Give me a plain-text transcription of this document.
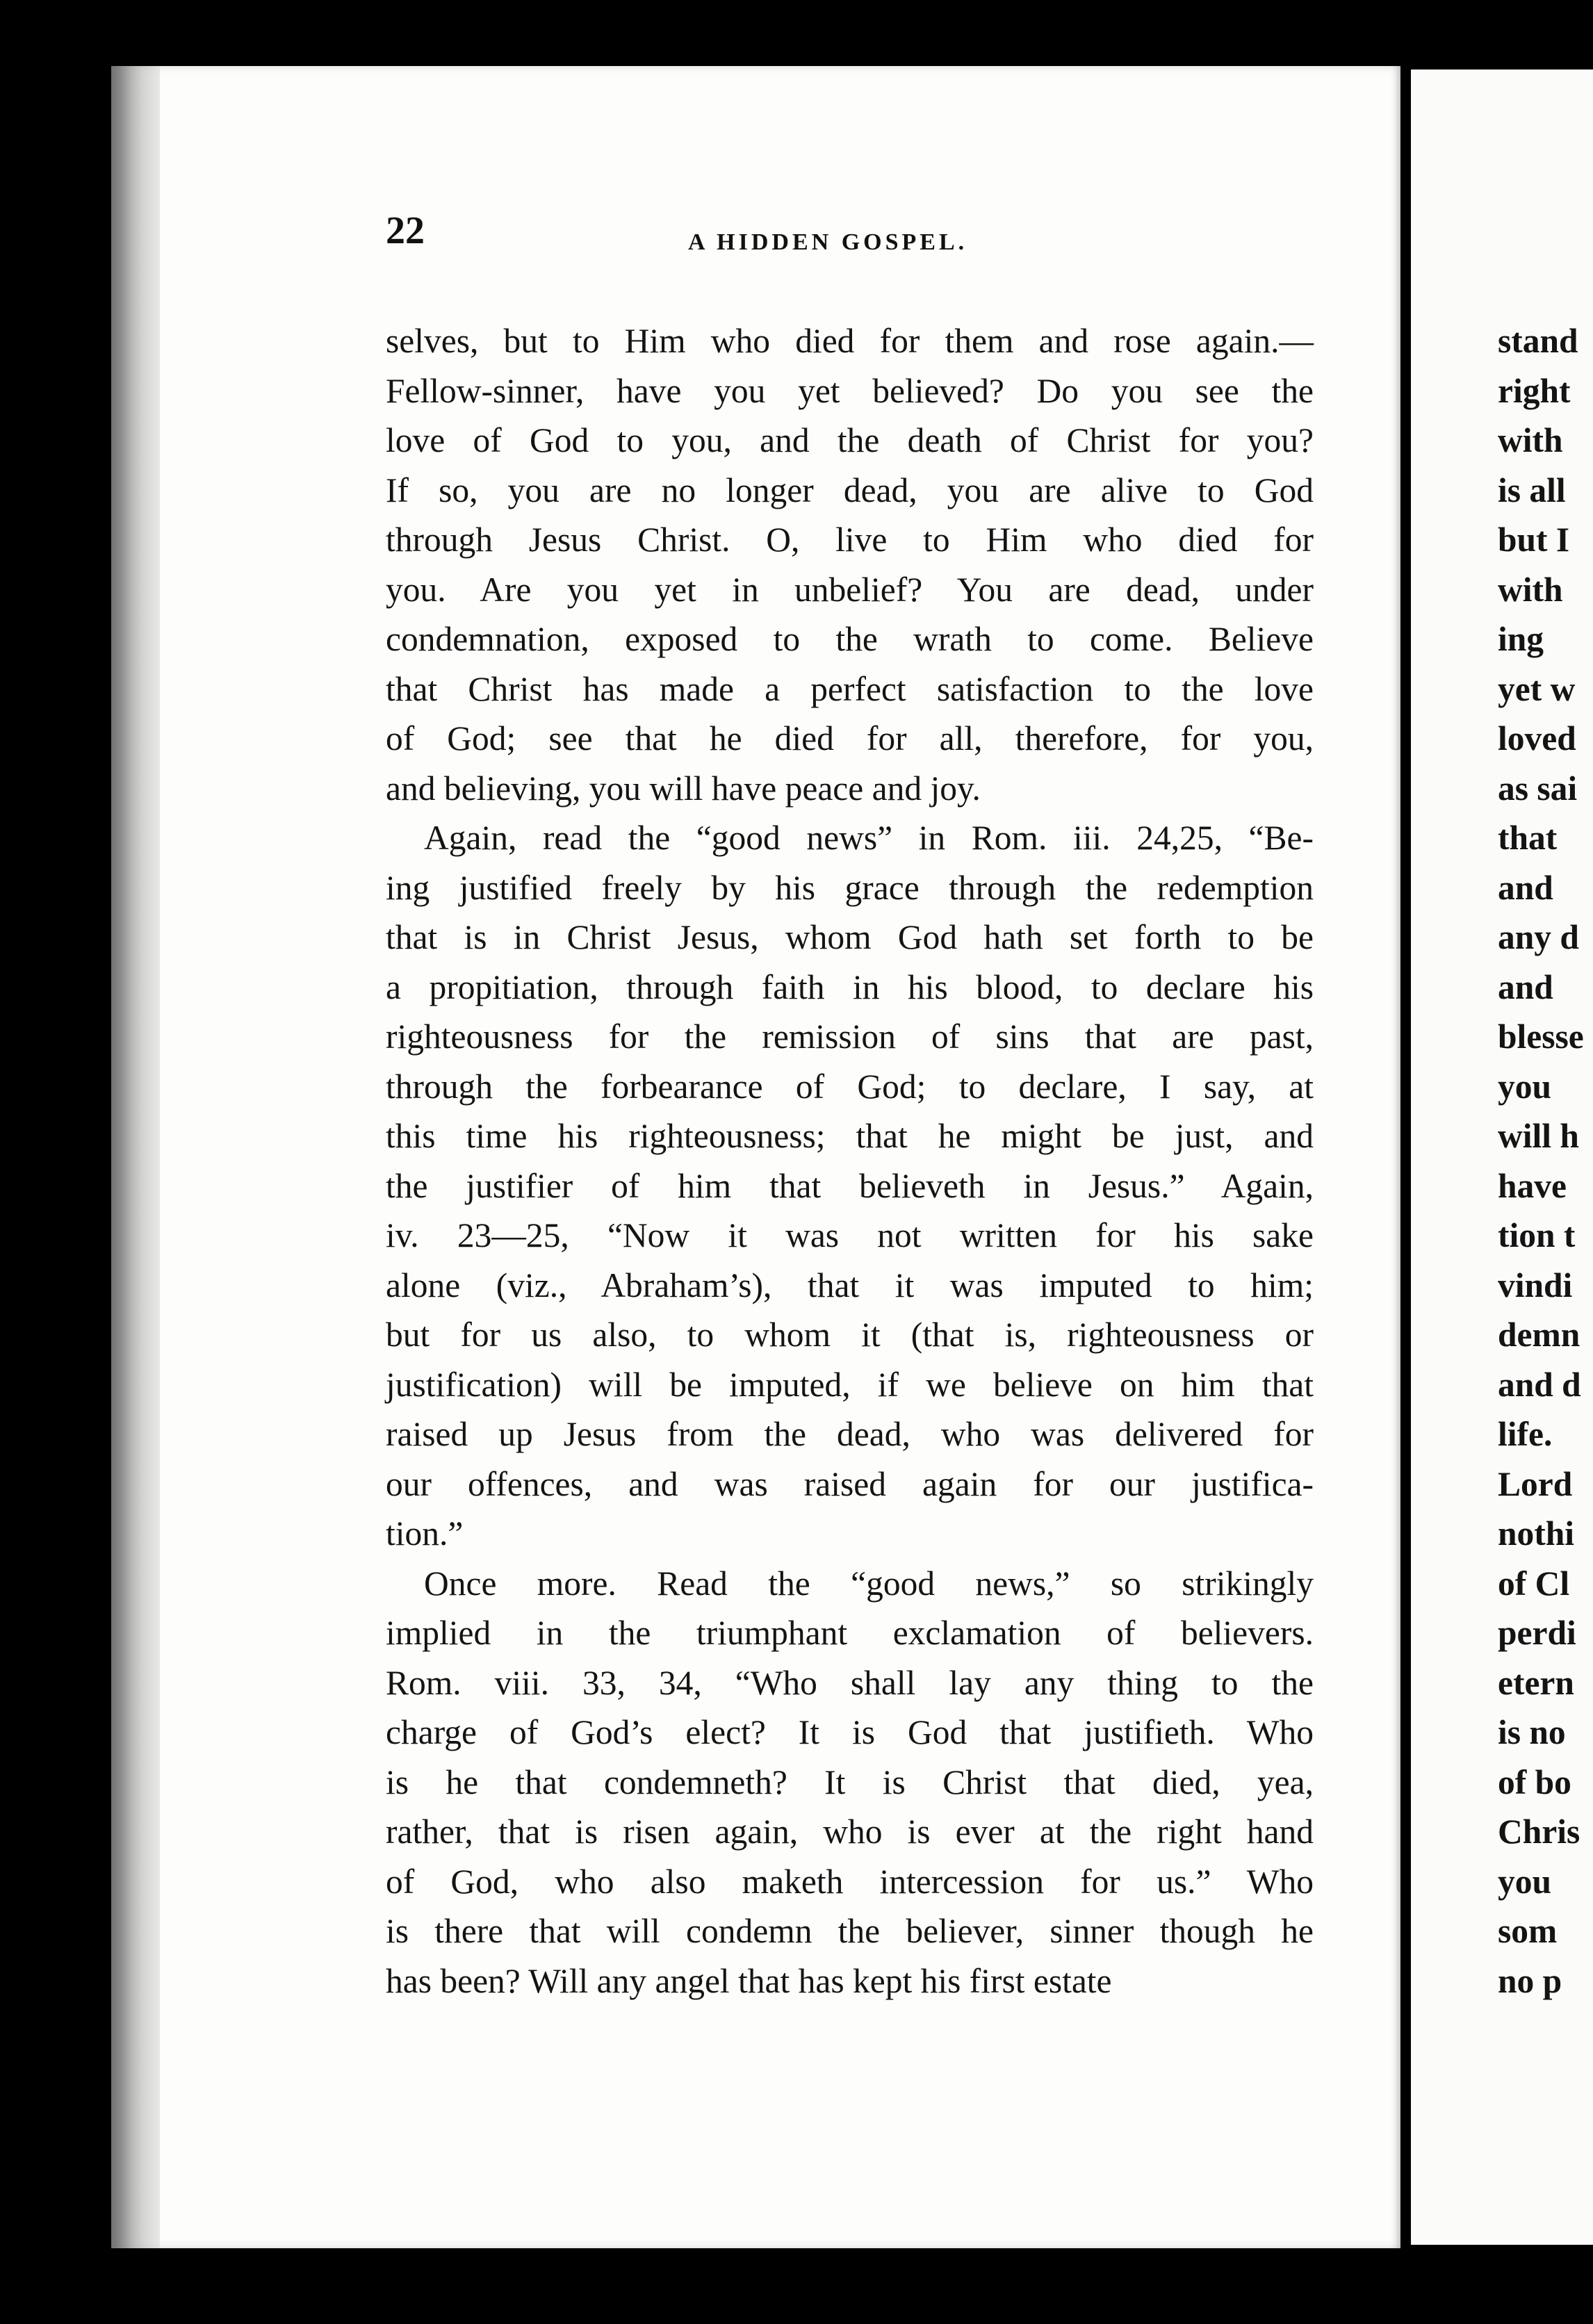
22	A HIDDEN GOSPEL.
selves, but to Him who died for them and rose again.—
Fellow-sinner, have you yet believed? Do you see the
love of God to you, and the death of Christ for you?
If so, you are no longer dead, you are alive to God
through Jesus Christ. O, live to Him who died for
you. Are you yet in unbelief? You are dead, under
condemnation, exposed to the wrath to come. Believe
that Christ has made a perfect satisfaction to the love
of God; see that he died for all, therefore, for you,
and believing, you will have peace and joy.
Again, read the “good news” in Rom. iii. 24,25, “Be-
ing justified freely by his grace through the redemption
that is in Christ Jesus, whom God hath set forth to be
a propitiation, through faith in his blood, to declare his
righteousness for the remission of sins that are past,
through the forbearance of God; to declare, I say, at
this time his righteousness; that he might be just, and
the justifier of him that believeth in Jesus.” Again,
iv. 23—25, “Now it was not written for his sake
alone (viz., Abraham’s), that it was imputed to him;
but for us also, to whom it (that is, righteousness or
justification) will be imputed, if we believe on him that
raised up Jesus from the dead, who was delivered for
our offences, and was raised again for our justifica-
tion.”
Once more. Read the “good news,” so strikingly
implied in the triumphant exclamation of believers.
Rom. viii. 33, 34, “Who shall lay any thing to the
charge of God’s elect? It is God that justifieth. Who
is he that condemneth? It is Christ that died, yea,
rather, that is risen again, who is ever at the right hand
of God, who also maketh intercession for us.” Who
is there that will condemn the believer, sinner though he
has been? Will any angel that has kept his first estate
stand
right
with
is all
but I
with
ing
yet w
loved
as sai
that
and
any d
and
blesse
you
will h
have
tion t
vindi
demn
and d
life.
Lord
nothi
of Cl
perdi
etern
is no
of bo
Chris
you
som
no p
